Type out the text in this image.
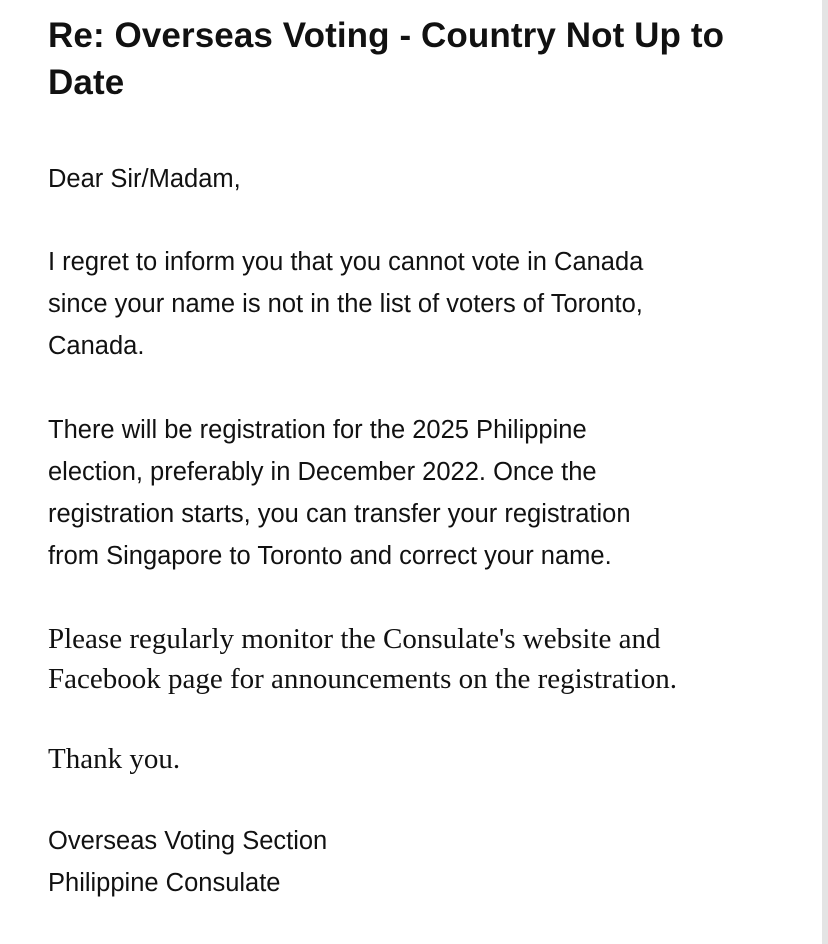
Re: Overseas Voting - Country Not Up to
Date

Dear Sir/Madam,

I regret to inform you that you cannot vote in Canada
since your name is not in the list of voters of Toronto,
Canada.

There will be registration for the 2025 Philippine
election, preferably in December 2022. Once the
registration starts, you can transfer your registration
from Singapore to Toronto and correct your name.

Please regularly monitor the Consulate's website and
Facebook page for announcements on the registration.

Thank you.

Overseas Voting Section
Philippine Consulate
